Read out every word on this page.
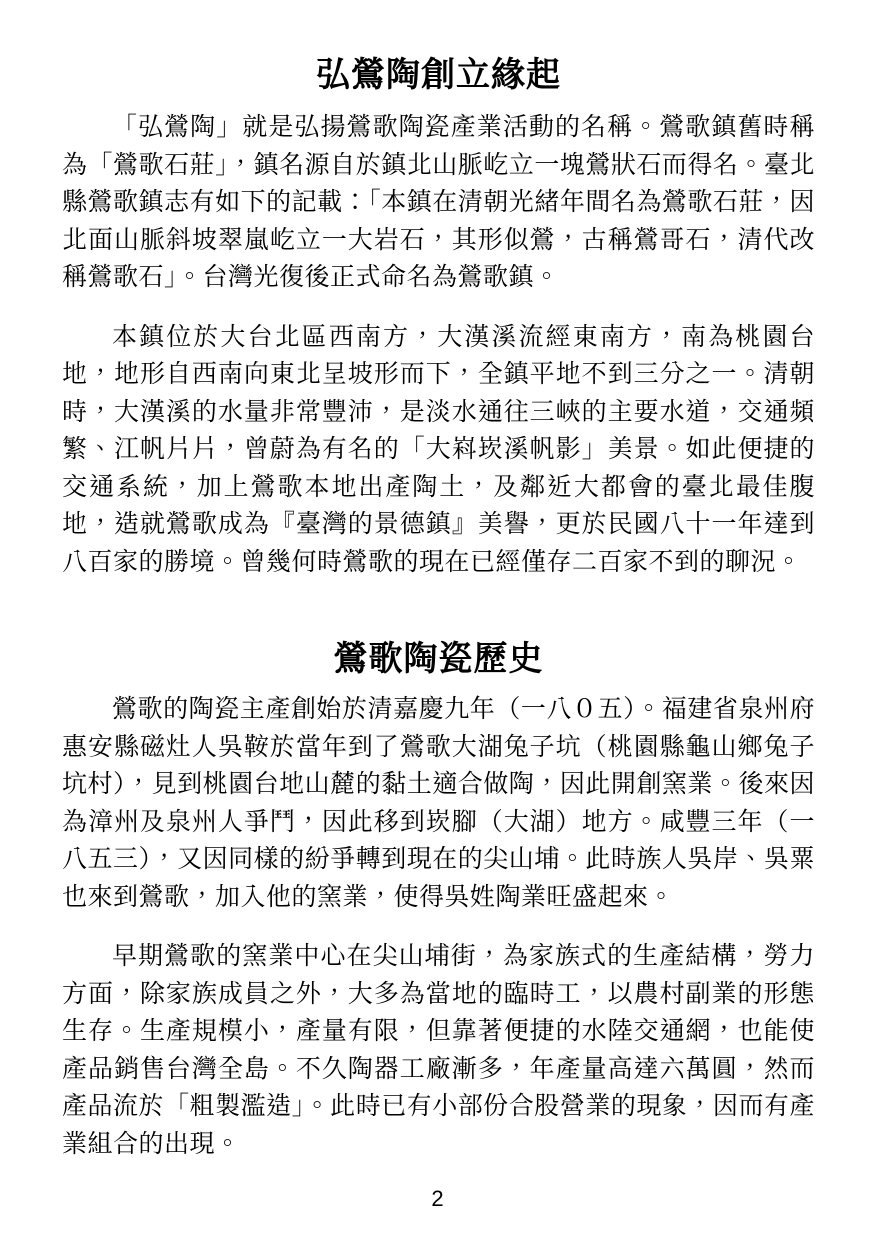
弘鶯陶創立緣起

「弘鶯陶」就是弘揚鶯歌陶瓷產業活動的名稱。鶯歌鎮舊時稱為「鶯歌石莊」，鎮名源自於鎮北山脈屹立一塊鶯狀石而得名。臺北縣鶯歌鎮志有如下的記載：「本鎮在清朝光緒年間名為鶯歌石莊，因北面山脈斜坡翠嵐屹立一大岩石，其形似鶯，古稱鶯哥石，清代改稱鶯歌石」。台灣光復後正式命名為鶯歌鎮。

本鎮位於大台北區西南方，大漢溪流經東南方，南為桃園台地，地形自西南向東北呈坡形而下，全鎮平地不到三分之一。清朝時，大漢溪的水量非常豐沛，是淡水通往三峽的主要水道，交通頻繁、江帆片片，曾蔚為有名的「大嵙崁溪帆影」美景。如此便捷的交通系統，加上鶯歌本地出產陶土，及鄰近大都會的臺北最佳腹地，造就鶯歌成為『臺灣的景德鎮』美譽，更於民國八十一年達到八百家的勝境。曾幾何時鶯歌的現在已經僅存二百家不到的聊況。

鶯歌陶瓷歷史

鶯歌的陶瓷主產創始於清嘉慶九年（一八０五）。福建省泉州府惠安縣磁灶人吳鞍於當年到了鶯歌大湖兔子坑（桃園縣龜山鄉兔子坑村），見到桃園台地山麓的黏土適合做陶，因此開創窯業。後來因為漳州及泉州人爭鬥，因此移到崁腳（大湖）地方。咸豐三年（一八五三），又因同樣的紛爭轉到現在的尖山埔。此時族人吳岸、吳粟也來到鶯歌，加入他的窯業，使得吳姓陶業旺盛起來。

早期鶯歌的窯業中心在尖山埔街，為家族式的生產結構，勞力方面，除家族成員之外，大多為當地的臨時工，以農村副業的形態生存。生產規模小，產量有限，但靠著便捷的水陸交通網，也能使產品銷售台灣全島。不久陶器工廠漸多，年產量高達六萬圓，然而產品流於「粗製濫造」。此時已有小部份合股營業的現象，因而有產業組合的出現。

2
